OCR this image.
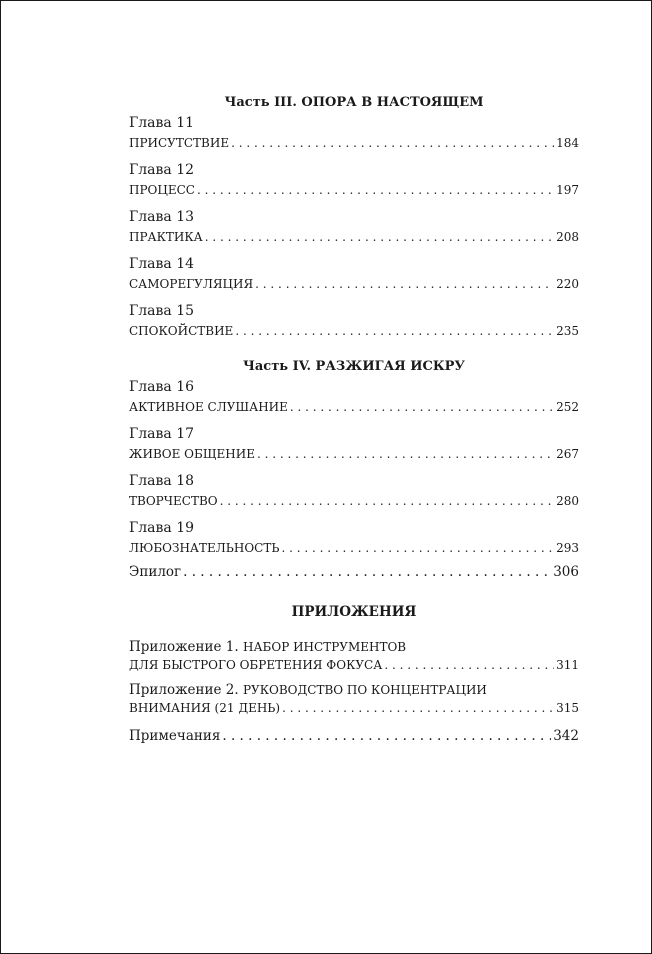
Часть III. ОПОРА В НАСТОЯЩЕМ
Глава 11
ПРИСУТСТВИЕ . . .	184
Глава 12
ПРОЦЕСС . . .	197
Глава 13
ПРАКТИКА . . .	208
Глава 14
САМОРЕГУЛЯЦИЯ . . .	220
Глава 15
СПОКОЙСТВИЕ . . .	235
Часть IV. РАЗЖИГАЯ ИСКРУ
Глава 16
АКТИВНОЕ СЛУШАНИЕ . . .	252
Глава 17
ЖИВОЕ ОБЩЕНИЕ . . .	267
Глава 18
ТВОРЧЕСТВО . . .	280
Глава 19
ЛЮБОЗНАТЕЛЬНОСТЬ . . .	293
Эпилог . . .	306
ПРИЛОЖЕНИЯ
Приложение 1. НАБОР ИНСТРУМЕНТОВ
ДЛЯ БЫСТРОГО ОБРЕТЕНИЯ ФОКУСА . . .	311
Приложение 2. РУКОВОДСТВО ПО КОНЦЕНТРАЦИИ
ВНИМАНИЯ (21 ДЕНЬ) . . .	315
Примечания . . .	342
